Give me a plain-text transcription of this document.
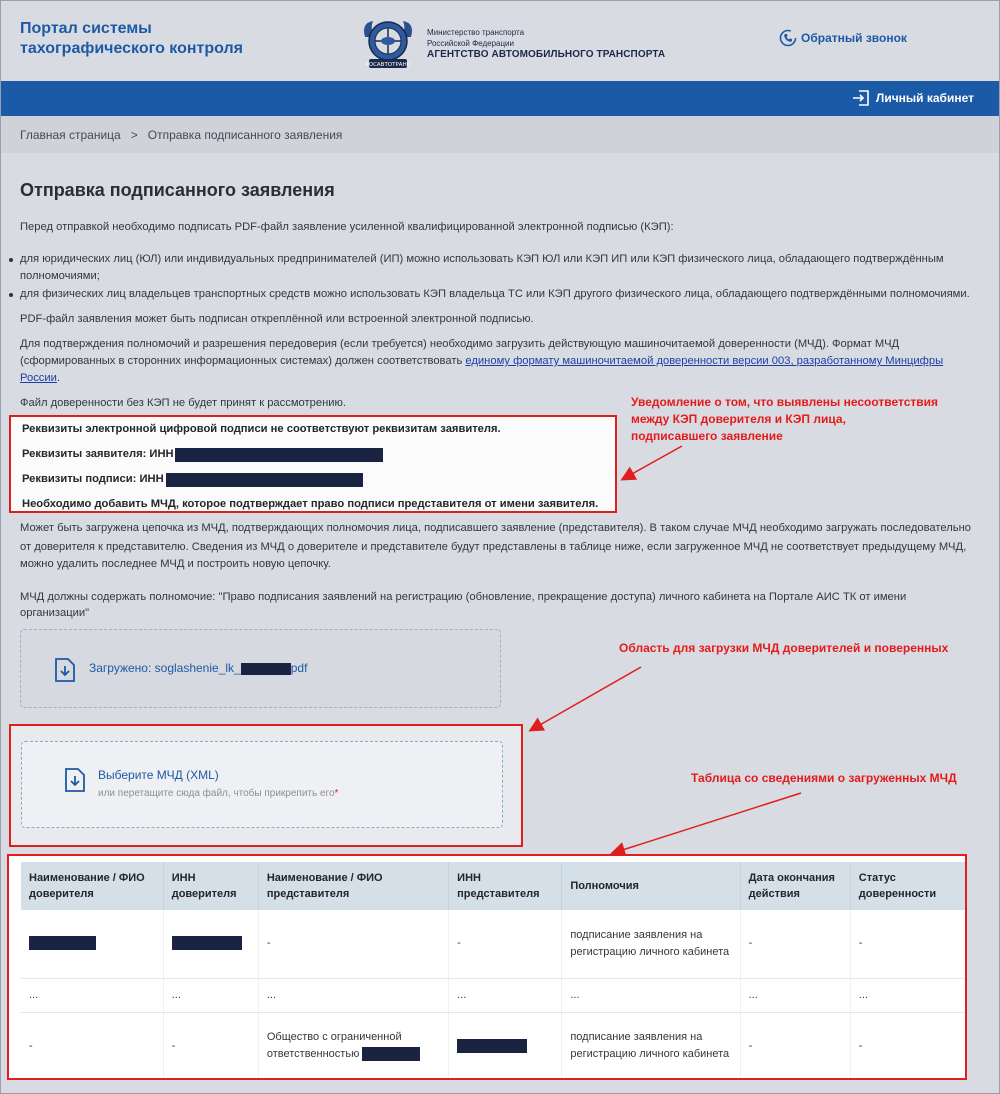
Портал системы
тахографического контроля
РОСАВТОТРАНС
Министерство транспорта
Российской Федерации
АГЕНТСТВО АВТОМОБИЛЬНОГО ТРАНСПОРТА
Обратный звонок
Личный кабинет
Главная страница > Отправка подписанного заявления
Отправка подписанного заявления
Перед отправкой необходимо подписать PDF-файл заявление усиленной квалифицированной электронной подписью (КЭП):
для юридических лиц (ЮЛ) или индивидуальных предпринимателей (ИП) можно использовать КЭП ЮЛ или КЭП ИП или КЭП физического лица, обладающего подтверждённым
полномочиями;
для физических лиц владельцев транспортных средств можно использовать КЭП владельца ТС или КЭП другого физического лица, обладающего подтверждёнными полномочиями.
PDF-файл заявления может быть подписан откреплённой или встроенной электронной подписью.
Для подтверждения полномочий и разрешения передоверия (если требуется) необходимо загрузить действующую машиночитаемой доверенности (МЧД). Формат МЧД
(сформированных в сторонних информационных системах) должен соответствовать единому формату машиночитаемой доверенности версии 003, разработанному Минцифры
России.
Файл доверенности без КЭП не будет принят к рассмотрению.
Реквизиты электронной цифровой подписи не соответствуют реквизитам заявителя.
Реквизиты заявителя: ИНН
Реквизиты подписи: ИНН
Необходимо добавить МЧД, которое подтверждает право подписи представителя от имени заявителя.
Может быть загружена цепочка из МЧД, подтверждающих полномочия лица, подписавшего заявление (представителя). В таком случае МЧД необходимо загружать последовательно
от доверителя к представителю. Сведения из МЧД о доверителе и представителе будут представлены в таблице ниже, если загруженное МЧД не соответствует предыдущему МЧД,
можно удалить последнее МЧД и построить новую цепочку.
МЧД должны содержать полномочие: "Право подписания заявлений на регистрацию (обновление, прекращение доступа) личного кабинета на Портале АИС ТК от имени
организации"
Загружено: soglashenie_lk_	pdf
Выберите МЧД (XML)
или перетащите сюда файл, чтобы прикрепить его*
Уведомление о том, что выявлены несоответствия
между КЭП доверителя и КЭП лица,
подписавшего заявление
Область для загрузки МЧД доверителей и поверенных
Таблица со сведениями о загруженных МЧД
Наименование / ФИО доверителя	ИНН доверителя	Наименование / ФИО представителя	ИНН представителя	Полномочия	Дата окончания действия	Статус доверенности
		-	-	подписание заявления на регистрацию личного кабинета	-	-
...	...	...	...	...	...	...
-	-	Общество с ограниченной ответственностью		подписание заявления на регистрацию личного кабинета	-	-
